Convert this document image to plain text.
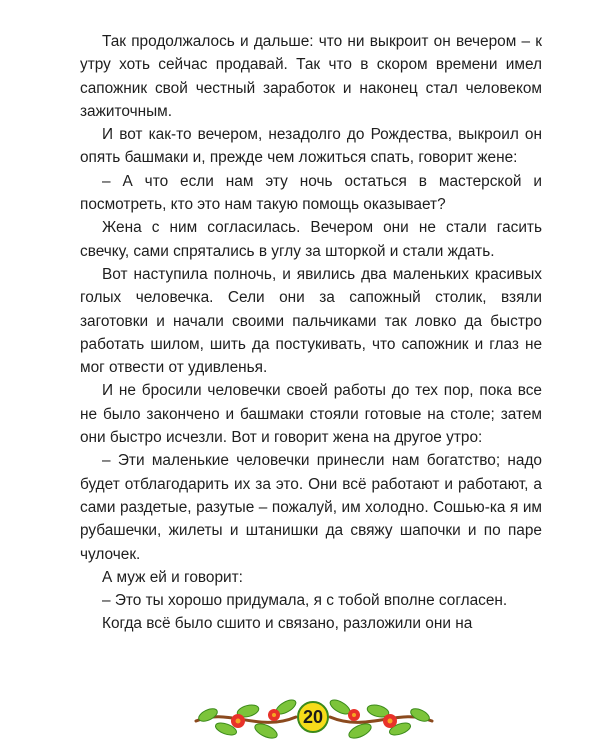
Так продолжалось и дальше: что ни выкроит он вечером – к утру хоть сейчас продавай. Так что в скором времени имел сапожник свой честный заработок и наконец стал человеком зажиточным.

И вот как-то вечером, незадолго до Рождества, выкроил он опять башмаки и, прежде чем ложиться спать, говорит жене:

– А что если нам эту ночь остаться в мастерской и посмотреть, кто это нам такую помощь оказывает?

Жена с ним согласилась. Вечером они не стали гасить свечку, сами спрятались в углу за шторкой и стали ждать.

Вот наступила полночь, и явились два маленьких красивых голых человечка. Сели они за сапожный столик, взяли заготовки и начали своими пальчиками так ловко да быстро работать шилом, шить да постукивать, что сапожник и глаз не мог отвести от удивленья.

И не бросили человечки своей работы до тех пор, пока все не было закончено и башмаки стояли готовые на столе; затем они быстро исчезли. Вот и говорит жена на другое утро:

– Эти маленькие человечки принесли нам богатство; надо будет отблагодарить их за это. Они всё работают и работают, а сами раздетые, разутые – пожалуй, им холодно. Сошью-ка я им рубашечки, жилеты и штанишки да свяжу шапочки и по паре чулочек.

А муж ей и говорит:

– Это ты хорошо придумала, я с тобой вполне согласен.

Когда всё было сшито и связано, разложили они на

20
